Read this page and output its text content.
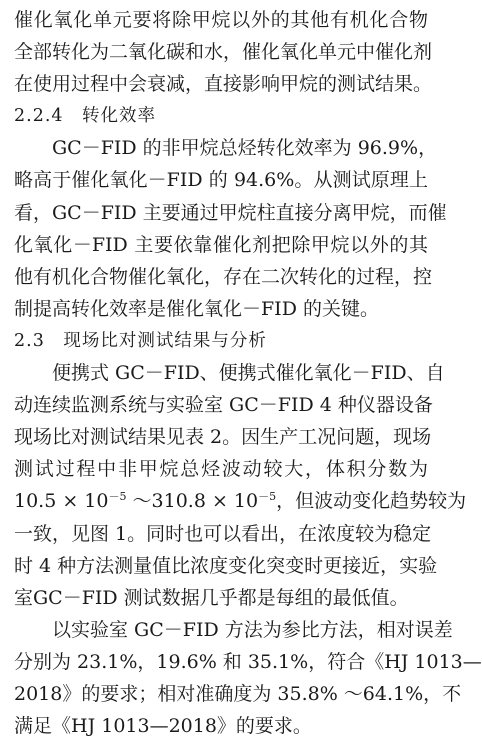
催化氧化单元要将除甲烷以外的其他有机化合物
全部转化为二氧化碳和水，催化氧化单元中催化剂
在使用过程中会衰减，直接影响甲烷的测试结果。
2.2.4　转化效率
GC－FID 的非甲烷总烃转化效率为 96.9%，
略高于催化氧化－FID 的 94.6%。从测试原理上
看，GC－FID 主要通过甲烷柱直接分离甲烷，而催
化氧化－FID 主要依靠催化剂把除甲烷以外的其
他有机化合物催化氧化，存在二次转化的过程，控
制提高转化效率是催化氧化－FID 的关键。
2.3　现场比对测试结果与分析
便携式 GC－FID、便携式催化氧化－FID、自
动连续监测系统与实验室 GC－FID 4 种仪器设备
现场比对测试结果见表 2。因生产工况问题，现场
测试过程中非甲烷总烃波动较大，体积分数为
$10.5 \times 10^{-5}$ ～310.8 × $10^{-5}$，但波动变化趋势较为
一致，见图 1。同时也可以看出，在浓度较为稳定
时 4 种方法测量值比浓度变化突变时更接近，实验
室GC－FID 测试数据几乎都是每组的最低值。
以实验室 GC－FID 方法为参比方法，相对误差
分别为 23.1%，19.6% 和 35.1%，符合《HJ 1013—
2018》的要求；相对准确度为 35.8% ～64.1%，不
满足《HJ 1013—2018》的要求。
